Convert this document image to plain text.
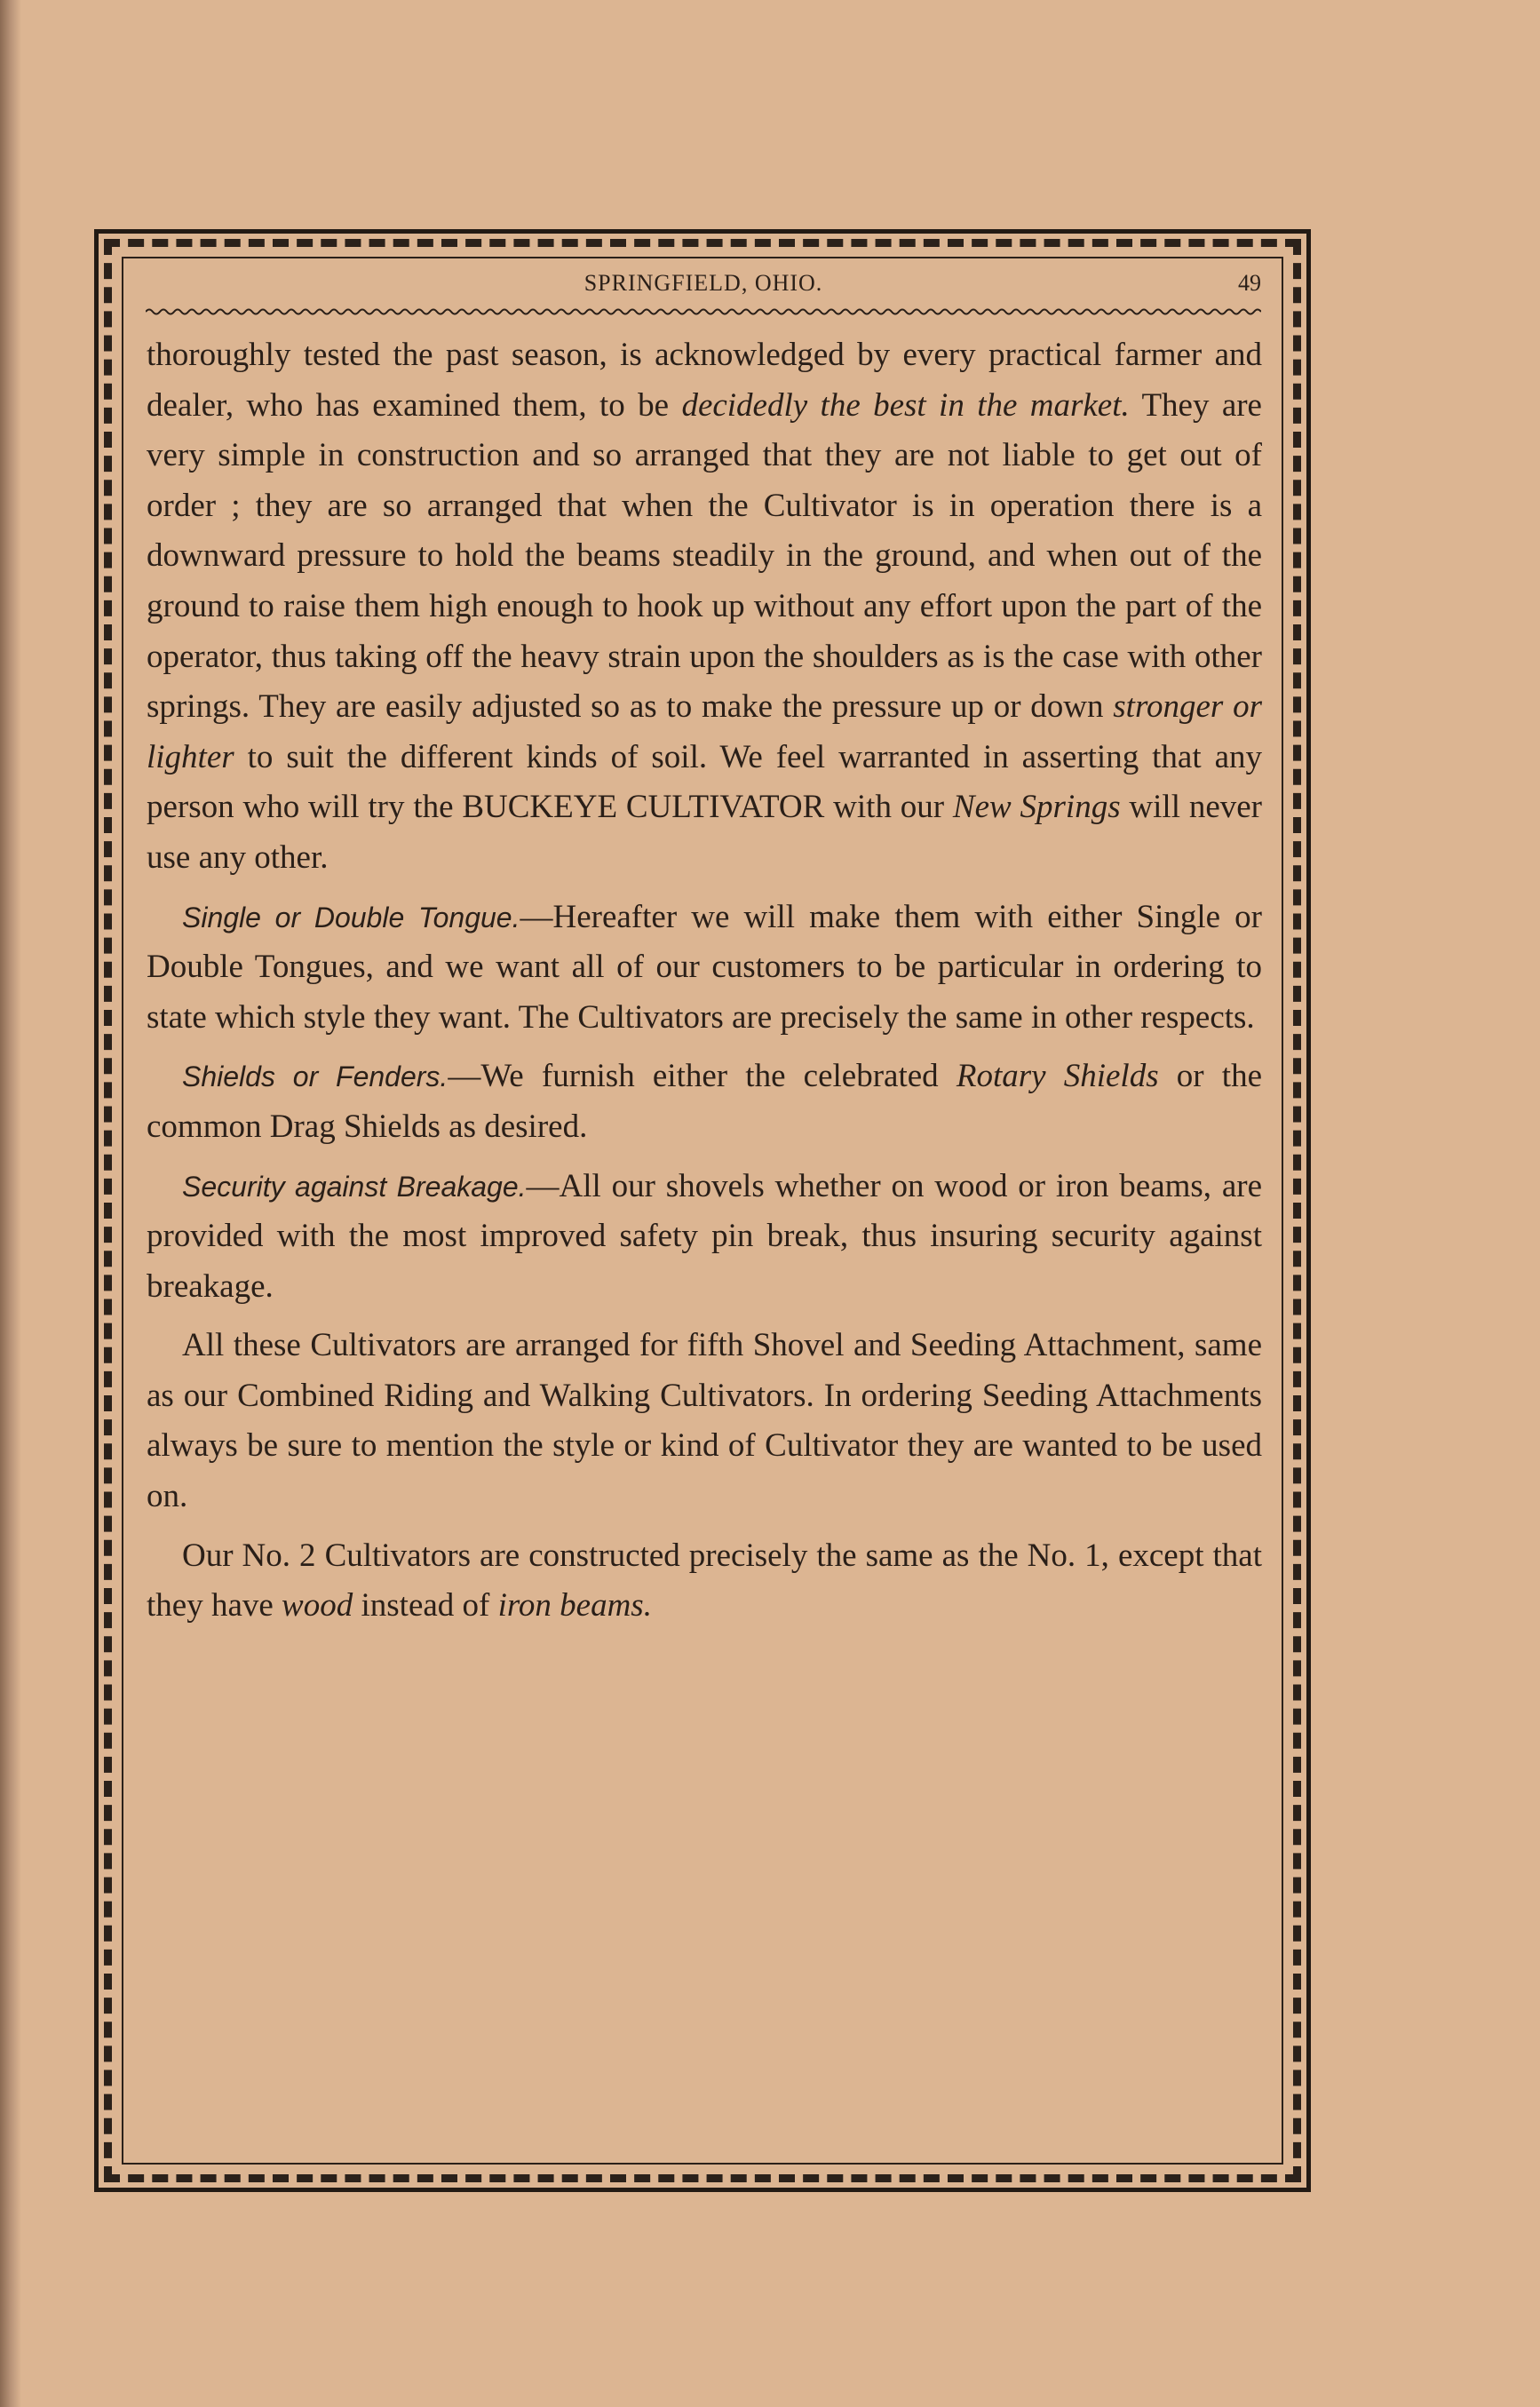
SPRINGFIELD, OHIO.	49

thoroughly tested the past season, is acknowledged by every practical farmer and dealer, who has examined them, to be decidedly the best in the market. They are very simple in construction and so arranged that they are not liable to get out of order ; they are so arranged that when the Cultivator is in operation there is a downward pressure to hold the beams steadily in the ground, and when out of the ground to raise them high enough to hook up without any effort upon the part of the operator, thus taking off the heavy strain upon the shoulders as is the case with other springs. They are easily adjusted so as to make the pressure up or down stronger or lighter to suit the different kinds of soil. We feel warranted in asserting that any person who will try the BUCKEYE CULTIVATOR with our New Springs will never use any other.

Single or Double Tongue.—Hereafter we will make them with either Single or Double Tongues, and we want all of our customers to be particular in ordering to state which style they want. The Cultivators are precisely the same in other respects.

Shields or Fenders.—We furnish either the celebrated Rotary Shields or the common Drag Shields as desired.

Security against Breakage.—All our shovels whether on wood or iron beams, are provided with the most improved safety pin break, thus insuring security against breakage.

All these Cultivators are arranged for fifth Shovel and Seeding Attachment, same as our Combined Riding and Walking Cultivators. In ordering Seeding Attachments always be sure to mention the style or kind of Cultivator they are wanted to be used on.

Our No. 2 Cultivators are constructed precisely the same as the No. 1, except that they have wood instead of iron beams.
